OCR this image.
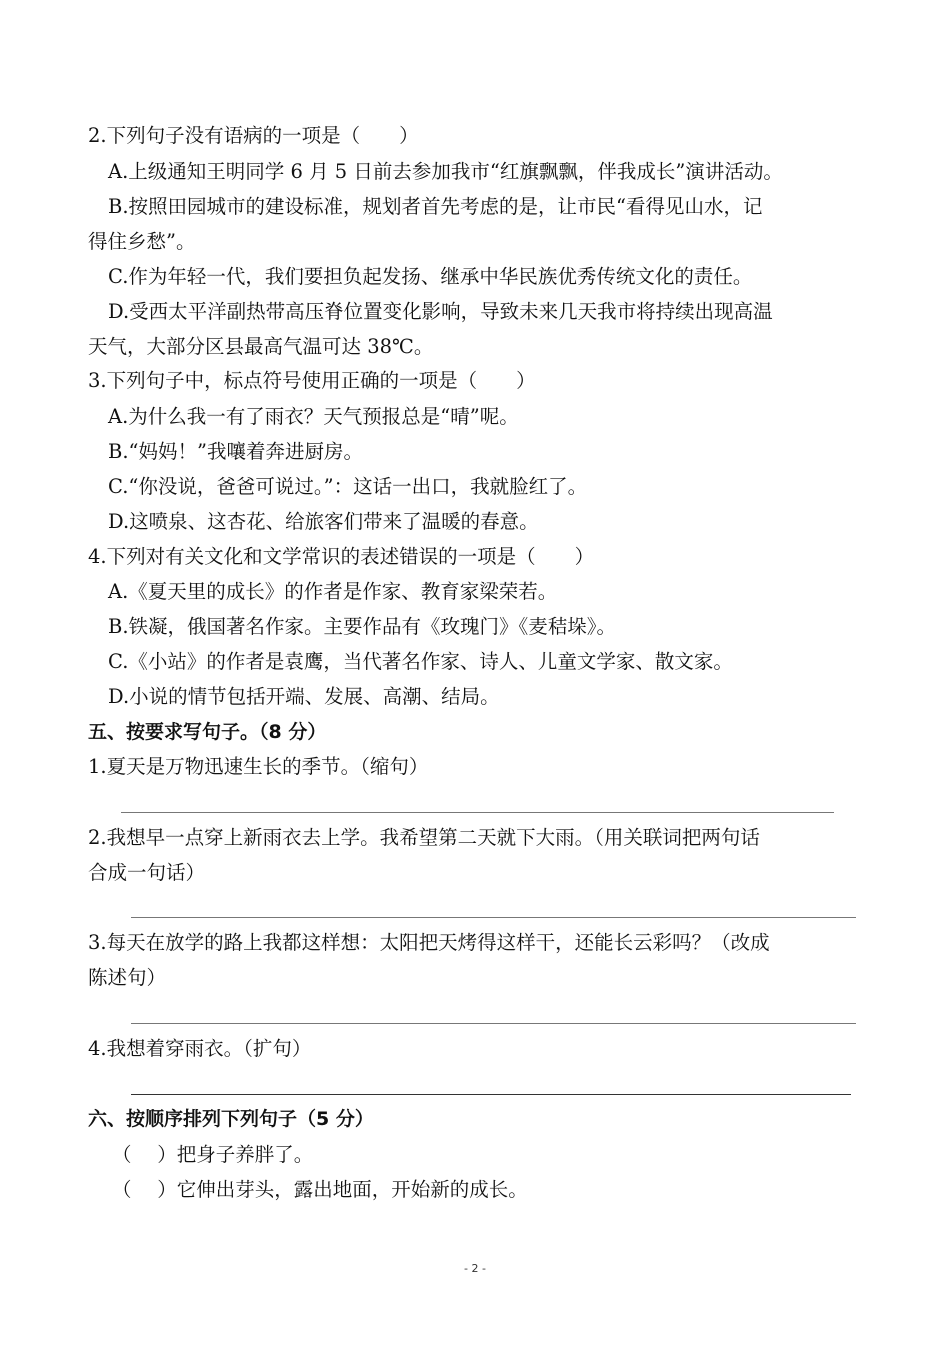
2.下列句子没有语病的一项是（　　）
A.上级通知王明同学 6 月 5 日前去参加我市“红旗飘飘，伴我成长”演讲活动。
B.按照田园城市的建设标准，规划者首先考虑的是，让市民“看得见山水，记
得住乡愁”。
C.作为年轻一代，我们要担负起发扬、继承中华民族优秀传统文化的责任。
D.受西太平洋副热带高压脊位置变化影响，导致未来几天我市将持续出现高温
天气，大部分区县最高气温可达 38℃。
3.下列句子中，标点符号使用正确的一项是（　　）
A.为什么我一有了雨衣？天气预报总是“晴”呢。
B.“妈妈！”我嚷着奔进厨房。
C.“你没说，爸爸可说过。”：这话一出口，我就脸红了。
D.这喷泉、这杏花、给旅客们带来了温暖的春意。
4.下列对有关文化和文学常识的表述错误的一项是（　　）
A.《夏天里的成长》的作者是作家、教育家梁荣若。
B.铁凝，俄国著名作家。主要作品有《玫瑰门》《麦秸垛》。
C.《小站》的作者是袁鹰，当代著名作家、诗人、儿童文学家、散文家。
D.小说的情节包括开端、发展、高潮、结局。
五、按要求写句子。（8 分）
1.夏天是万物迅速生长的季节。（缩句）
2.我想早一点穿上新雨衣去上学。我希望第二天就下大雨。（用关联词把两句话
合成一句话）
3.每天在放学的路上我都这样想：太阳把天烤得这样干，还能长云彩吗？（改成
陈述句）
4.我想着穿雨衣。（扩句）
六、按顺序排列下列句子（5 分）
（　 ）把身子养胖了。
（　 ）它伸出芽头，露出地面，开始新的成长。
- 2 -
